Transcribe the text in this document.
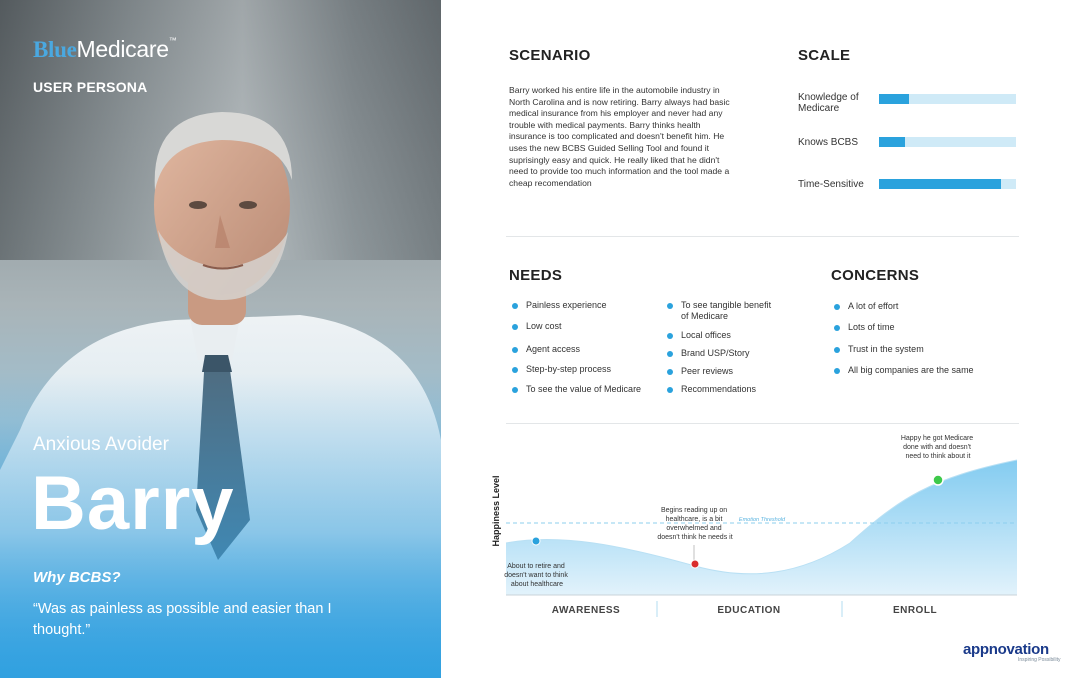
BlueMedicare™
USER PERSONA
Anxious Avoider
Barry
Why BCBS?
“Was as painless as possible and easier than I thought.”
SCENARIO
Barry worked his entire life in the automobile industry in North Carolina and is now retiring. Barry always had basic medical insurance from his employer and never had any trouble with medical payments. Barry thinks health insurance is too complicated and doesn't benefit him. He uses the new BCBS Guided Selling Tool and found it suprisingly easy and quick. He really liked that he didn't need to provide too much information and the tool made a cheap recomendation
SCALE
Knowledge of Medicare
Knows BCBS
Time-Sensitive
NEEDS
Painless experience
Low cost
Agent access
Step-by-step process
To see the value of Medicare
To see tangible benefit of Medicare
Local offices
Brand USP/Story
Peer reviews
Recommendations
CONCERNS
A lot of effort
Lots of time
Trust in the system
All big companies are the same
Emotion Threshold
AWARENESS	EDUCATION	ENROLL
Happiness Level
About to retire and doesn't want to think about healthcare
Begins reading up on healthcare, is a bit overwhelmed and doesn't think he needs it
Happy he got Medicare done with and doesn't need to think about it
appnovation
Inspiring Possibility
